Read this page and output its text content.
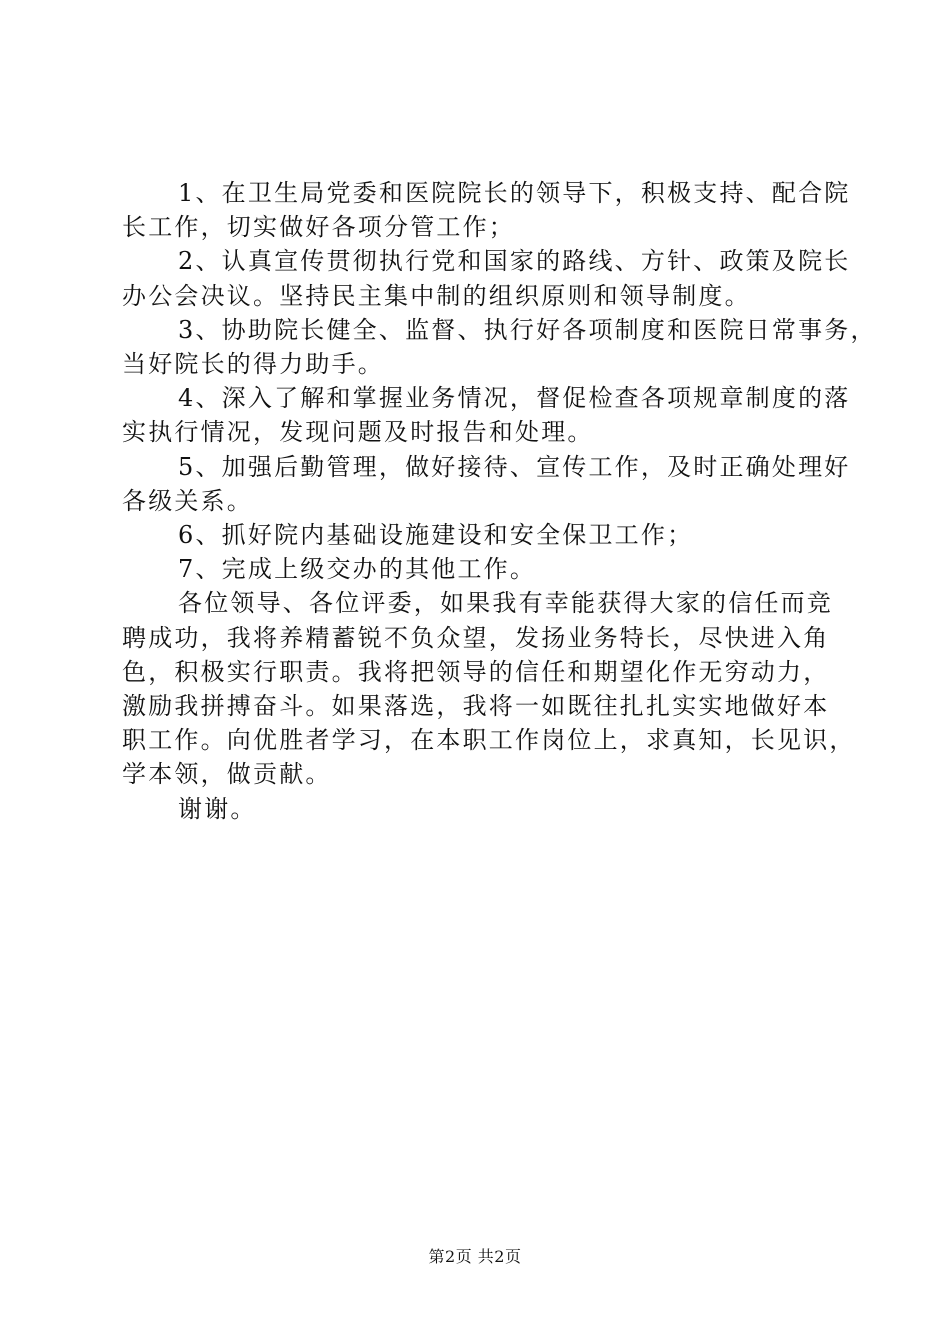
1、在卫生局党委和医院院长的领导下，积极支持、配合院
长工作，切实做好各项分管工作；
2、认真宣传贯彻执行党和国家的路线、方针、政策及院长
办公会决议。坚持民主集中制的组织原则和领导制度。
3、协助院长健全、监督、执行好各项制度和医院日常事务，
当好院长的得力助手。
4、深入了解和掌握业务情况，督促检查各项规章制度的落
实执行情况，发现问题及时报告和处理。
5、加强后勤管理，做好接待、宣传工作，及时正确处理好
各级关系。
6、抓好院内基础设施建设和安全保卫工作；
7、完成上级交办的其他工作。
各位领导、各位评委，如果我有幸能获得大家的信任而竞
聘成功，我将养精蓄锐不负众望，发扬业务特长，尽快进入角
色，积极实行职责。我将把领导的信任和期望化作无穷动力，
激励我拼搏奋斗。如果落选，我将一如既往扎扎实实地做好本
职工作。向优胜者学习，在本职工作岗位上，求真知，长见识，
学本领，做贡献。
谢谢。
第2页 共2页
